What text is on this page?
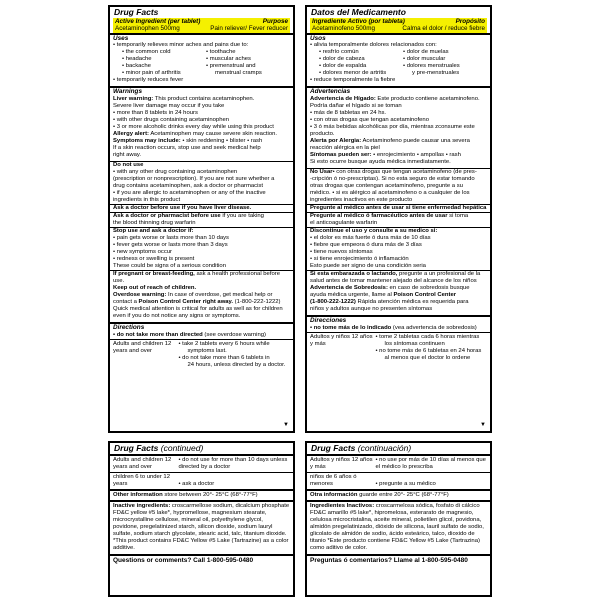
Drug Facts
Active Ingredient (per tablet)	Purpose
Acetaminophen 500mg	Pain reliever/ Fever reducer
Uses
• temporarily relieves minor aches and pains due to:
• the common cold
• headache
• backache
• minor pain of arthritis
• toothache
• muscular aches
• premenstrual and
menstrual cramps
• temporarily reduces fever
Warnings
Liver warning: This product contains acetaminophen.
Severe liver damage may occur if you take
• more than 8 tablets in 24 hours
• with other drugs containing acetaminophen
• 3 or more alcoholic drinks every day while using this product
Allergy alert: Acetaminophen may cause severe skin reaction.
Symptoms may include: • skin reddening • blister • rash
If a skin reaction occurs, stop use and seek medical help
right away.
Do not use
• with any other drug containing acetaminophen
(prescription or nonprescription). If you are not sure whether a
drug contains acetaminophen, ask a doctor or pharmacist
• if you are allergic to acetaminophen or any of the inactive
ingredients in this product
Ask a doctor before use if you have liver disease.
Ask a doctor or pharmacist before use if you are taking
the blood thinning drug warfarin
Stop use and ask a doctor if:
• pain gets worse or lasts more than 10 days
• fever gets worse or lasts more than 3 days
• new symptoms occur
• redness or swelling is present
These could be signs of a serious condition
If pregnant or breast-feeding, ask a health professional before use.
Keep out of reach of children.
Overdose warning: In case of overdose, get medical help or
contact a Poison Control Center right away. (1-800-222-1222)
Quick medical attention is critical for adults as well as for children
even if you do not notice any signs or symptoms.
Directions
• do not take more than directed (see overdose warning)
Adults and children 12 years and over
• take 2 tablets every 6 hours while
symptoms last.
• do not take more than 6 tablets in
24 hours, unless directed by a doctor.
▼
Datos del Medicamento
Ingrediente Activo (por tableta)	Propósito
Acetaminofeno 500mg	Calma el dolor / reduce fiebre
Usos
• alivia temporalmente dolores relacionados con:
• resfrío común
• dolor de cabeza
• dolor de espalda
• dolores menor de artritis
• dolor de muelas
• dolor muscular
• dolores menstruales
y pre-menstruales
• reduce temporalmente la fiebre
Advertencias
Advertencia de Hígado: Este producto contiene acetaminofeno.
Podría dañar el hígado si se toman
• más de 8 tabletas en 24 hs.
• con otras drogas que tengan acetaminofeno
• 3 ó más bebidas alcohólicas por día, mientras zconsume este producto.
Alerta por Alergia: Acetaminofeno puede causar una severa
reacción alérgica en la piel
Síntomas pueden ser: • enrojecimiento • ampollas • rash
Si esto ocurre busque ayuda médica inmediatamente.
No Usar• con otras drogas que tengan acetaminofeno (de pres-
-cripción ó no-prescriptas). Si no esta seguro de estar tomando
otras drogas que contengan acetaminofeno, pregunte a su
médico. • si es alérgico al acetaminofeno o a cualquier de los
ingredientes inactivos en este producto
Pregunte al médico antes de usar si tiene enfermedad hepática
Pregunte al médico ó farmacéutico antes de usar si toma
el anticoagulante warfarin
Discontinue el uso y consulte a su medico si:
• el dolor es más fuerte ó dura más de 10 días
• fiebre que empeora ó dura más de 3 días
• tiene nuevos síntomas
• si tiene enrojecimiento ó inflamación
Esto puede ser signo de una condición seria
Si esta embarazada o lactando, pregunte a un profesional de la
salud antes de tomar mantener alejado del alcance de los niños
Advertencia de Sobredosis: en caso de sobredosis busque
ayuda médica urgente, llame al Poison Control Center
(1-800-222-1222) Rápida atención médica es requerida para
niños y adultos aunque no presenten síntomas
Direcciones
• no tome más de lo indicado (vea advertencia de sobredosis)
Adultos y niños 12 años y más
• tome 2 tabletas cada 6 horas mientras
los síntomas continuen
• no tome más de 6 tabletas en 24 horas
al menos que el doctor lo ordene
▼
Drug Facts (continued)
Adults and children 12 years and over
• do not use for more than 10 days unless directed by a doctor
children 6 to under 12 years	• ask a doctor
Other information store between 20°- 25°C (68°-77°F)
Inactive ingredients: croscarmellose sodium, dicalcium phosphate FD&C yellow #5 lake*, hypromellose, magnesium stearate, microcrystalline cellulose, mineral oil, polyethylene glycol, povidone, pregelatinized starch, silicon dioxide, sodium lauryl sulfate, sodium starch glycolate, stearic acid, talc, titanium dioxide.
*This product contains FD&C Yellow #5 Lake (Tartrazine) as a color additive.
Questions or comments? Call 1-800-595-0480
Drug Facts (continuación)
Adultos y niños 12 años y más
• no use por más de 10 días al menos que el médico lo prescriba
niños de 6 años ó menores	• pregunte a su médico
Otra información guarde entre 20°- 25°C (68°-77°F)
Ingredientes Inactivos: croscarmelosa sódica, fosfato di cálcico FD&C amarillo #5 lake*, hipromelosa, esterarato de magnesio, celulosa microcristalina, aceite mineral, polietilen glicol, povidona, almidón pregelatinizado, dióxido de silicona, lauril sulfato de sodio, glicolato de almidón de sodio, ácido esteárico, talco, dioxido de titanio *Este producto contiene FD&C Yellow #5 Lake (Tartrazina) como aditivo de color.
Preguntas ó comentarios? Llame al 1-800-595-0480
